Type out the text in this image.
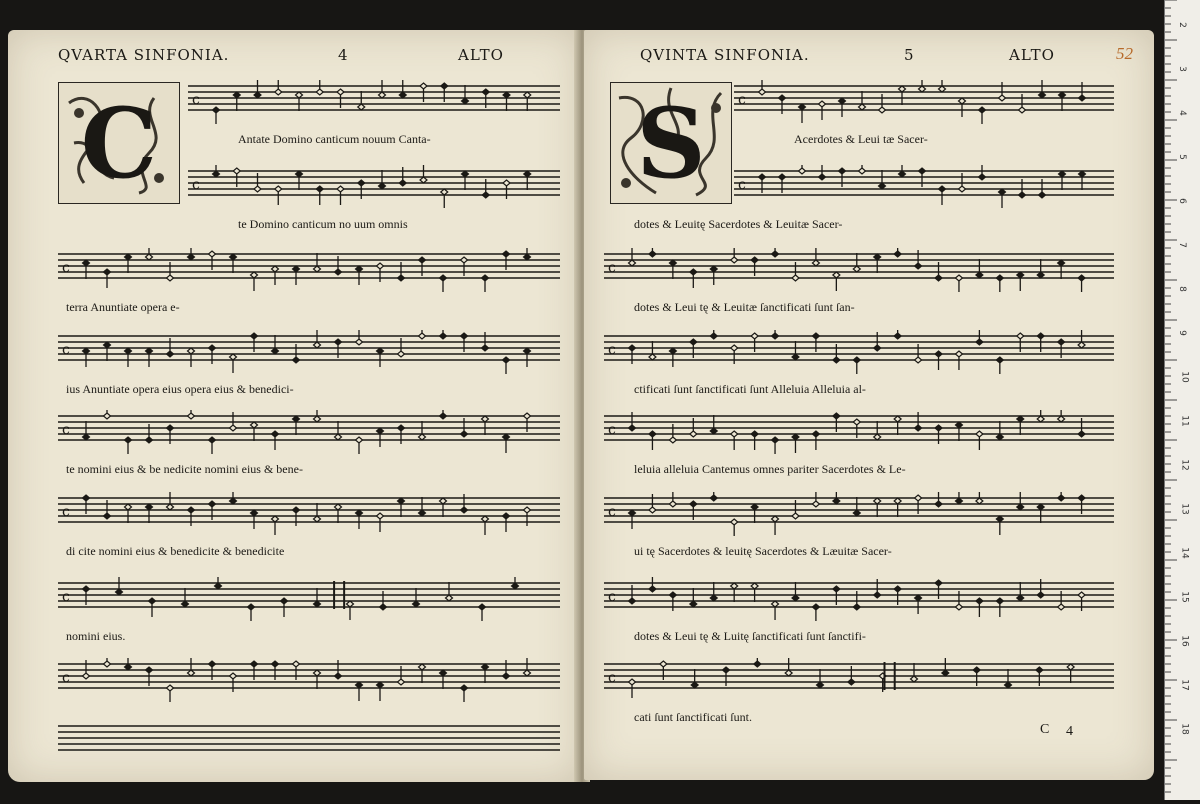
QVARTA SINFONIA.	4	ALTO
C	c
Antate Domino canticum nouum Canta-
c
te Domino canticum no uum omnis
c
terra Anuntiate opera e-
c
ius Anuntiate opera eius opera eius & benedici-
c
te nomini eius & be nedicite nomini eius & bene-
c
di cite nomini eius & benedicite & benedicite
c
nomini eius.
c
QVINTA SINFONIA.	5	ALTO	52
S	c
Acerdotes & Leui tæ Sacer-
c
dotes & Leuitę Sacerdotes & Leuitæ Sacer-
c
dotes & Leui tę & Leuitæ ſanctificati ſunt ſan-
c
ctificati ſunt ſanctificati ſunt Alleluia Alleluia al-
c
leluia alleluia Cantemus omnes pariter Sacerdotes & Le-
c
ui tę Sacerdotes & leuitę Sacerdotes & Læuitæ Sacer-
c
dotes & Leui tę & Luitę ſanctificati ſunt ſanctifi-
c
cati ſunt ſanctificati ſunt.
C 4
2
3
4
5
6
7
8
9
10
11
12
13
14
15
16
17
18
